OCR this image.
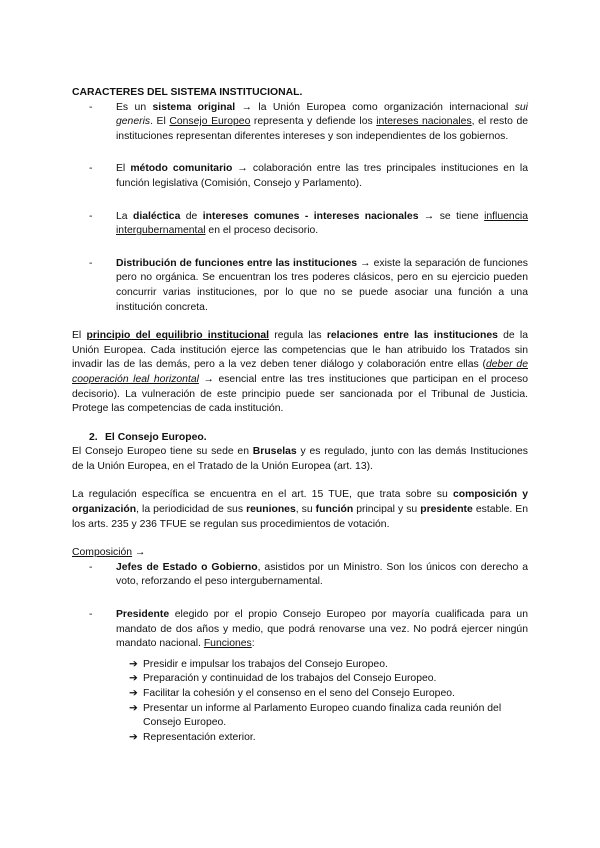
CARACTERES DEL SISTEMA INSTITUCIONAL.

-	Es un sistema original → la Unión Europea como organización internacional sui generis. El Consejo Europeo representa y defiende los intereses nacionales, el resto de instituciones representan diferentes intereses y son independientes de los gobiernos.

-	El método comunitario → colaboración entre las tres principales instituciones en la función legislativa (Comisión, Consejo y Parlamento).

-	La dialéctica de intereses comunes - intereses nacionales → se tiene influencia intergubernamental en el proceso decisorio.

-	Distribución de funciones entre las instituciones → existe la separación de funciones pero no orgánica. Se encuentran los tres poderes clásicos, pero en su ejercicio pueden concurrir varias instituciones, por lo que no se puede asociar una función a una institución concreta.

El principio del equilibrio institucional regula las relaciones entre las instituciones de la Unión Europea. Cada institución ejerce las competencias que le han atribuido los Tratados sin invadir las de las demás, pero a la vez deben tener diálogo y colaboración entre ellas (deber de cooperación leal horizontal → esencial entre las tres instituciones que participan en el proceso decisorio). La vulneración de este principio puede ser sancionada por el Tribunal de Justicia. Protege las competencias de cada institución.

2. El Consejo Europeo.

El Consejo Europeo tiene su sede en Bruselas y es regulado, junto con las demás Instituciones de la Unión Europea, en el Tratado de la Unión Europea (art. 13).

La regulación específica se encuentra en el art. 15 TUE, que trata sobre su composición y organización, la periodicidad de sus reuniones, su función principal y su presidente estable. En los arts. 235 y 236 TFUE se regulan sus procedimientos de votación.

Composición →

-	Jefes de Estado o Gobierno, asistidos por un Ministro. Son los únicos con derecho a voto, reforzando el peso intergubernamental.

-	Presidente elegido por el propio Consejo Europeo por mayoría cualificada para un mandato de dos años y medio, que podrá renovarse una vez. No podrá ejercer ningún mandato nacional. Funciones:

➔ Presidir e impulsar los trabajos del Consejo Europeo.
➔ Preparación y continuidad de los trabajos del Consejo Europeo.
➔ Facilitar la cohesión y el consenso en el seno del Consejo Europeo.
➔ Presentar un informe al Parlamento Europeo cuando finaliza cada reunión del Consejo Europeo.
➔ Representación exterior.
